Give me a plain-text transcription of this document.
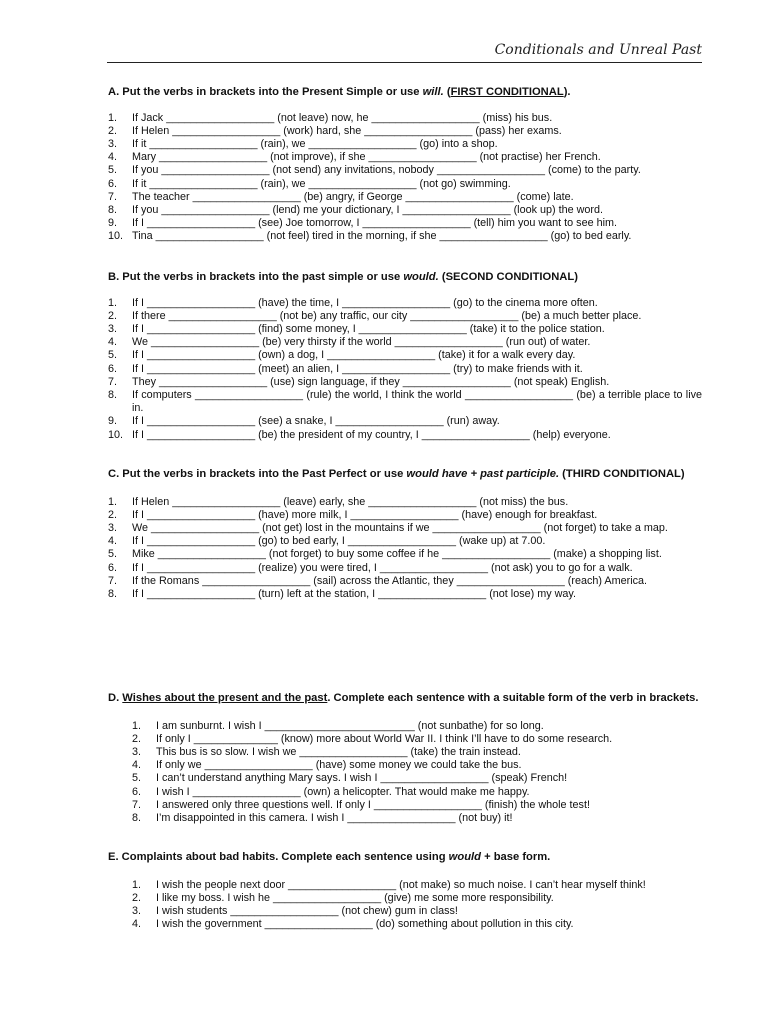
Conditionals and Unreal Past
A. Put the verbs in brackets into the Present Simple or use will. (FIRST CONDITIONAL).
1. If Jack __________________ (not leave) now, he __________________ (miss) his bus.
2. If Helen __________________ (work) hard, she __________________ (pass) her exams.
3. If it __________________ (rain), we __________________ (go) into a shop.
4. Mary __________________ (not improve), if she __________________ (not practise) her French.
5. If you __________________ (not send) any invitations, nobody __________________ (come) to the party.
6. If it __________________ (rain), we __________________ (not go) swimming.
7. The teacher __________________ (be) angry, if George __________________ (come) late.
8. If you __________________ (lend) me your dictionary, I __________________ (look up) the word.
9. If I __________________ (see) Joe tomorrow, I __________________ (tell) him you want to see him.
10. Tina __________________ (not feel) tired in the morning, if she __________________ (go) to bed early.
B. Put the verbs in brackets into the past simple or use would. (SECOND CONDITIONAL)
1. If I __________________ (have) the time, I __________________ (go) to the cinema more often.
2. If there __________________ (not be) any traffic, our city __________________ (be) a much better place.
3. If I __________________ (find) some money, I __________________ (take) it to the police station.
4. We __________________ (be) very thirsty if the world __________________ (run out) of water.
5. If I __________________ (own) a dog, I __________________ (take) it for a walk every day.
6. If I __________________ (meet) an alien, I __________________ (try) to make friends with it.
7. They __________________ (use) sign language, if they __________________ (not speak) English.
8. If computers __________________ (rule) the world, I think the world __________________ (be) a terrible place to live in.
9. If I __________________ (see) a snake, I __________________ (run) away.
10. If I __________________ (be) the president of my country, I __________________ (help) everyone.
C. Put the verbs in brackets into the Past Perfect or use would have + past participle. (THIRD CONDITIONAL)
1. If Helen __________________ (leave) early, she __________________ (not miss) the bus.
2. If I __________________ (have) more milk, I __________________ (have) enough for breakfast.
3. We __________________ (not get) lost in the mountains if we __________________ (not forget) to take a map.
4. If I __________________ (go) to bed early, I __________________ (wake up) at 7.00.
5. Mike __________________ (not forget) to buy some coffee if he __________________ (make) a shopping list.
6. If I __________________ (realize) you were tired, I __________________ (not ask) you to go for a walk.
7. If the Romans __________________ (sail) across the Atlantic, they __________________ (reach) America.
8. If I __________________ (turn) left at the station, I __________________ (not lose) my way.
D. Wishes about the present and the past. Complete each sentence with a suitable form of the verb in brackets.
1. I am sunburnt. I wish I _________________________ (not sunbathe) for so long.
2. If only I ______________ (know) more about World War II. I think I’ll have to do some research.
3. This bus is so slow. I wish we __________________ (take) the train instead.
4. If only we __________________ (have) some money we could take the bus.
5. I can’t understand anything Mary says. I wish I __________________ (speak) French!
6. I wish I __________________ (own) a helicopter. That would make me happy.
7. I answered only three questions well. If only I __________________ (finish) the whole test!
8. I’m disappointed in this camera. I wish I __________________ (not buy) it!
E. Complaints about bad habits. Complete each sentence using would + base form.
1. I wish the people next door __________________ (not make) so much noise. I can’t hear myself think!
2. I like my boss. I wish he __________________ (give) me some more responsibility.
3. I wish students __________________ (not chew) gum in class!
4. I wish the government __________________ (do) something about pollution in this city.
